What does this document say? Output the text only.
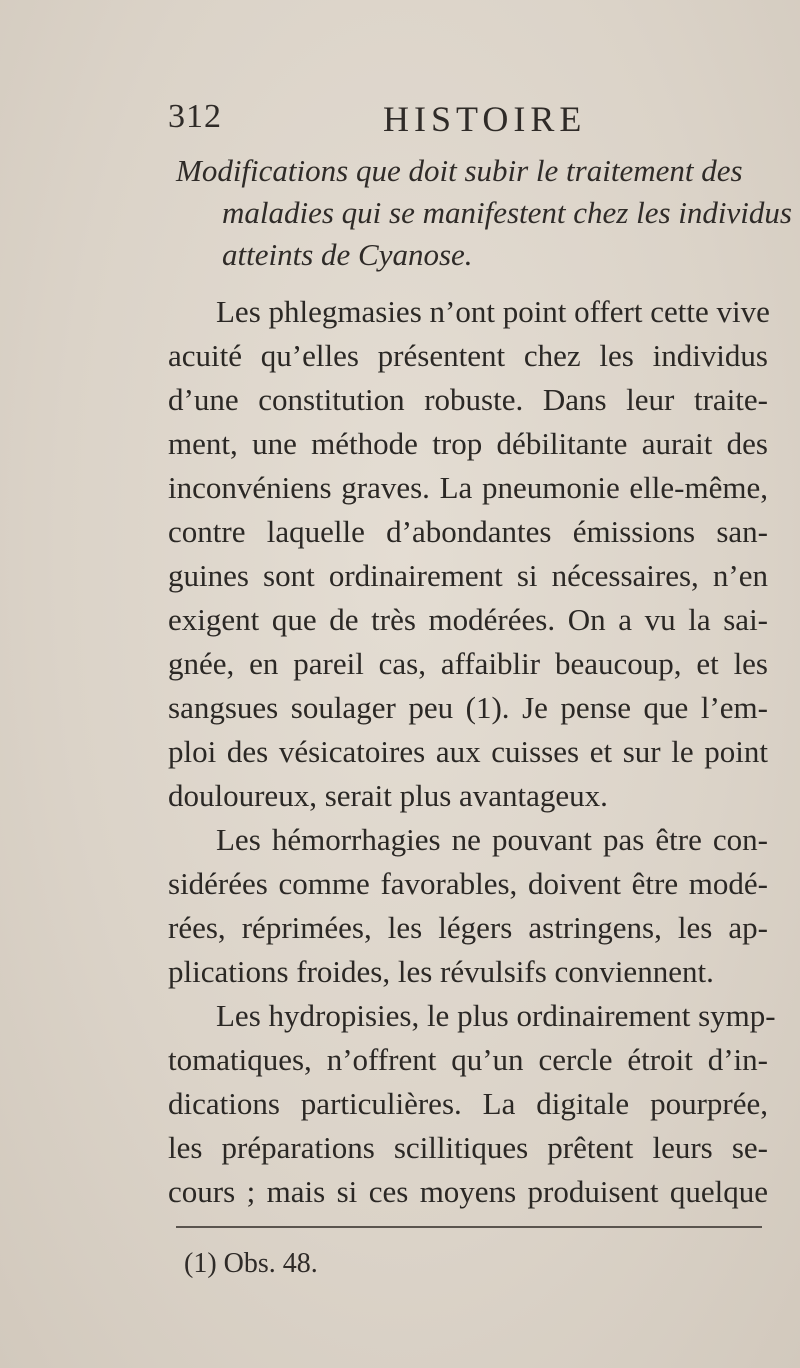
312	HISTOIRE
Modifications que doit subir le traitement des
maladies qui se manifestent chez les individus
atteints de Cyanose.
Les phlegmasies n’ont point offert cette vive
acuité qu’elles présentent chez les individus
d’une constitution robuste. Dans leur traite-
ment, une méthode trop débilitante aurait des
inconvéniens graves. La pneumonie elle-même,
contre laquelle d’abondantes émissions san-
guines sont ordinairement si nécessaires, n’en
exigent que de très modérées. On a vu la sai-
gnée, en pareil cas, affaiblir beaucoup, et les
sangsues soulager peu (1). Je pense que l’em-
ploi des vésicatoires aux cuisses et sur le point
douloureux, serait plus avantageux.
Les hémorrhagies ne pouvant pas être con-
sidérées comme favorables, doivent être modé-
rées, réprimées, les légers astringens, les ap-
plications froides, les révulsifs conviennent.
Les hydropisies, le plus ordinairement symp-
tomatiques, n’offrent qu’un cercle étroit d’in-
dications particulières. La digitale pourprée,
les préparations scillitiques prêtent leurs se-
cours ; mais si ces moyens produisent quelque
(1) Obs. 48.
